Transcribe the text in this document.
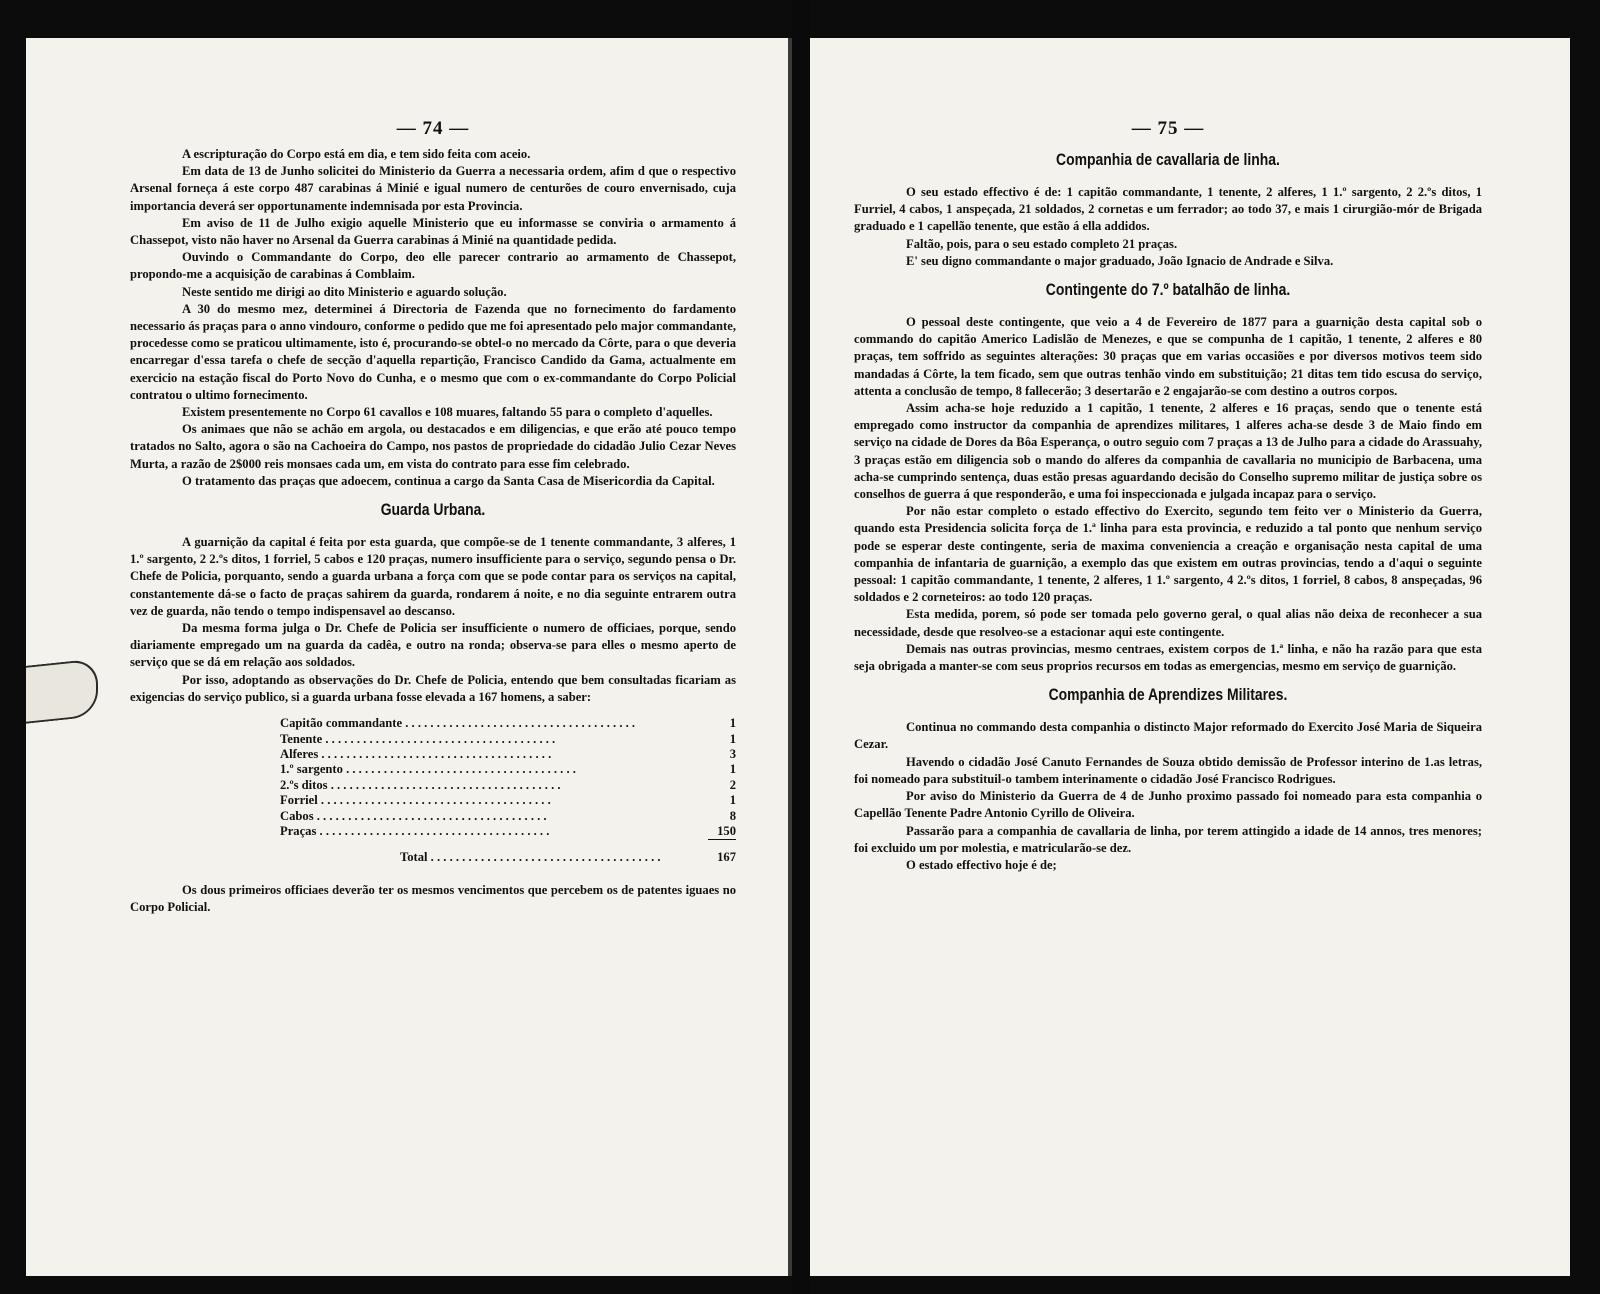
— 74 —

A escripturação do Corpo está em dia, e tem sido feita com aceio.

Em data de 13 de Junho solicitei do Ministerio da Guerra a necessaria ordem, afim d que o respectivo Arsenal forneça á este corpo 487 carabinas á Minié e igual numero de centurões de couro envernisado, cuja importancia deverá ser opportunamente indemnisada por esta Provincia.

Em aviso de 11 de Julho exigio aquelle Ministerio que eu informasse se conviria o armamento á Chassepot, visto não haver no Arsenal da Guerra carabinas á Minié na quantidade pedida.

Ouvindo o Commandante do Corpo, deo elle parecer contrario ao armamento de Chassepot, propondo-me a acquisição de carabinas á Comblaim.

Neste sentido me dirigi ao dito Ministerio e aguardo solução.

A 30 do mesmo mez, determinei á Directoria de Fazenda que no fornecimento do fardamento necessario ás praças para o anno vindouro, conforme o pedido que me foi apresentado pelo major commandante, procedesse como se praticou ultimamente, isto é, procurando-se obtel-o no mercado da Côrte, para o que deveria encarregar d'essa tarefa o chefe de secção d'aquella repartição, Francisco Candido da Gama, actualmente em exercicio na estação fiscal do Porto Novo do Cunha, e o mesmo que com o ex-commandante do Corpo Policial contratou o ultimo fornecimento.

Existem presentemente no Corpo 61 cavallos e 108 muares, faltando 55 para o completo d'aquelles.

Os animaes que não se achão em argola, ou destacados e em diligencias, e que erão até pouco tempo tratados no Salto, agora o são na Cachoeira do Campo, nos pastos de propriedade do cidadão Julio Cezar Neves Murta, a razão de 2$000 reis monsaes cada um, em vista do contrato para esse fim celebrado.

O tratamento das praças que adoecem, continua a cargo da Santa Casa de Misericordia da Capital.

Guarda Urbana.

A guarnição da capital é feita por esta guarda, que compõe-se de 1 tenente commandante, 3 alferes, 1 1.º sargento, 2 2.ºs ditos, 1 forriel, 5 cabos e 120 praças, numero insufficiente para o serviço, segundo pensa o Dr. Chefe de Policia, porquanto, sendo a guarda urbana a força com que se pode contar para os serviços na capital, constantemente dá-se o facto de praças sahirem da guarda, rondarem á noite, e no dia seguinte entrarem outra vez de guarda, não tendo o tempo indispensavel ao descanso.

Da mesma forma julga o Dr. Chefe de Policia ser insufficiente o numero de officiaes, porque, sendo diariamente empregado um na guarda da cadêa, e outro na ronda; observa-se para elles o mesmo aperto de serviço que se dá em relação aos soldados.

Por isso, adoptando as observações do Dr. Chefe de Policia, entendo que bem consultadas ficariam as exigencias do serviço publico, si a guarda urbana fosse elevada a 167 homens, a saber:

Capitão commandante . . .	1
Tenente . . .	1
Alferes . . .	3
1.º sargento . . .	1
2.ºs ditos . . .	2
Forriel . . .	1
Cabos . . .	8
Praças . . .	150
Total . . .	167

Os dous primeiros officiaes deverão ter os mesmos vencimentos que percebem os de patentes iguaes no Corpo Policial.

— 75 —
Companhia de cavallaria de linha.

O seu estado effectivo é de: 1 capitão commandante, 1 tenente, 2 alferes, 1 1.º sargento, 2 2.ºs ditos, 1 Furriel, 4 cabos, 1 anspeçada, 21 soldados, 2 cornetas e um ferrador; ao todo 37, e mais 1 cirurgião-mór de Brigada graduado e 1 capellão tenente, que estão á ella addidos.

Faltão, pois, para o seu estado completo 21 praças.

E' seu digno commandante o major graduado, João Ignacio de Andrade e Silva.

Contingente do 7.º batalhão de linha.

O pessoal deste contingente, que veio a 4 de Fevereiro de 1877 para a guarnição desta capital sob o commando do capitão Americo Ladislão de Menezes, e que se compunha de 1 capitão, 1 tenente, 2 alferes e 80 praças, tem soffrido as seguintes alterações: 30 praças que em varias occasiões e por diversos motivos teem sido mandadas á Côrte, la tem ficado, sem que outras tenhão vindo em substituição; 21 ditas tem tido escusa do serviço, attenta a conclusão de tempo, 8 fallecerão; 3 desertarão e 2 engajarão-se com destino a outros corpos.

Assim acha-se hoje reduzido a 1 capitão, 1 tenente, 2 alferes e 16 praças, sendo que o tenente está empregado como instructor da companhia de aprendizes militares, 1 alferes acha-se desde 3 de Maio findo em serviço na cidade de Dores da Bôa Esperança, o outro seguio com 7 praças a 13 de Julho para a cidade do Arassuahy, 3 praças estão em diligencia sob o mando do alferes da companhia de cavallaria no municipio de Barbacena, uma acha-se cumprindo sentença, duas estão presas aguardando decisão do Conselho supremo militar de justiça sobre os conselhos de guerra á que responderão, e uma foi inspeccionada e julgada incapaz para o serviço.

Por não estar completo o estado effectivo do Exercito, segundo tem feito ver o Ministerio da Guerra, quando esta Presidencia solicita força de 1.ª linha para esta provincia, e reduzido a tal ponto que nenhum serviço pode se esperar deste contingente, seria de maxima conveniencia a creação e organisação nesta capital de uma companhia de infantaria de guarnição, a exemplo das que existem em outras provincias, tendo a d'aqui o seguinte pessoal: 1 capitão commandante, 1 tenente, 2 alferes, 1 1.º sargento, 4 2.ºs ditos, 1 forriel, 8 cabos, 8 anspeçadas, 96 soldados e 2 corneteiros: ao todo 120 praças.

Esta medida, porem, só pode ser tomada pelo governo geral, o qual alias não deixa de reconhecer a sua necessidade, desde que resolveo-se a estacionar aqui este contingente.

Demais nas outras provincias, mesmo centraes, existem corpos de 1.ª linha, e não ha razão para que esta seja obrigada a manter-se com seus proprios recursos em todas as emergencias, mesmo em serviço de guarnição.

Companhia de Aprendizes Militares.

Continua no commando desta companhia o distincto Major reformado do Exercito José Maria de Siqueira Cezar.

Havendo o cidadão José Canuto Fernandes de Souza obtido demissão de Professor interino de 1.as letras, foi nomeado para substituil-o tambem interinamente o cidadão José Francisco Rodrigues.

Por aviso do Ministerio da Guerra de 4 de Junho proximo passado foi nomeado para esta companhia o Capellão Tenente Padre Antonio Cyrillo de Oliveira.

Passarão para a companhia de cavallaria de linha, por terem attingido a idade de 14 annos, tres menores; foi excluido um por molestia, e matricularão-se dez.

O estado effectivo hoje é de;
